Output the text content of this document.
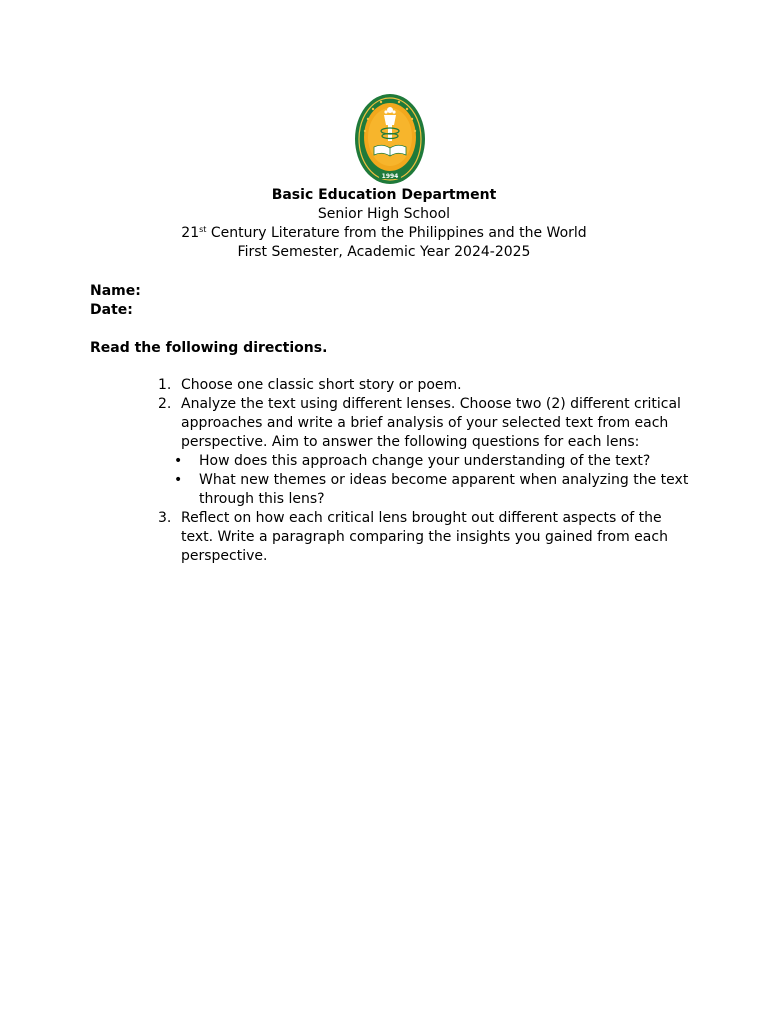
1994
Basic Education Department
Senior High School
21st Century Literature from the Philippines and the World
First Semester, Academic Year 2024-2025
Name:
Date:
Read the following directions.
1. Choose one classic short story or poem.
2. Analyze the text using different lenses. Choose two (2) different critical approaches and write a brief analysis of your selected text from each perspective. Aim to answer the following questions for each lens:
• How does this approach change your understanding of the text?
• What new themes or ideas become apparent when analyzing the text through this lens?
3. Reflect on how each critical lens brought out different aspects of the text. Write a paragraph comparing the insights you gained from each perspective.
